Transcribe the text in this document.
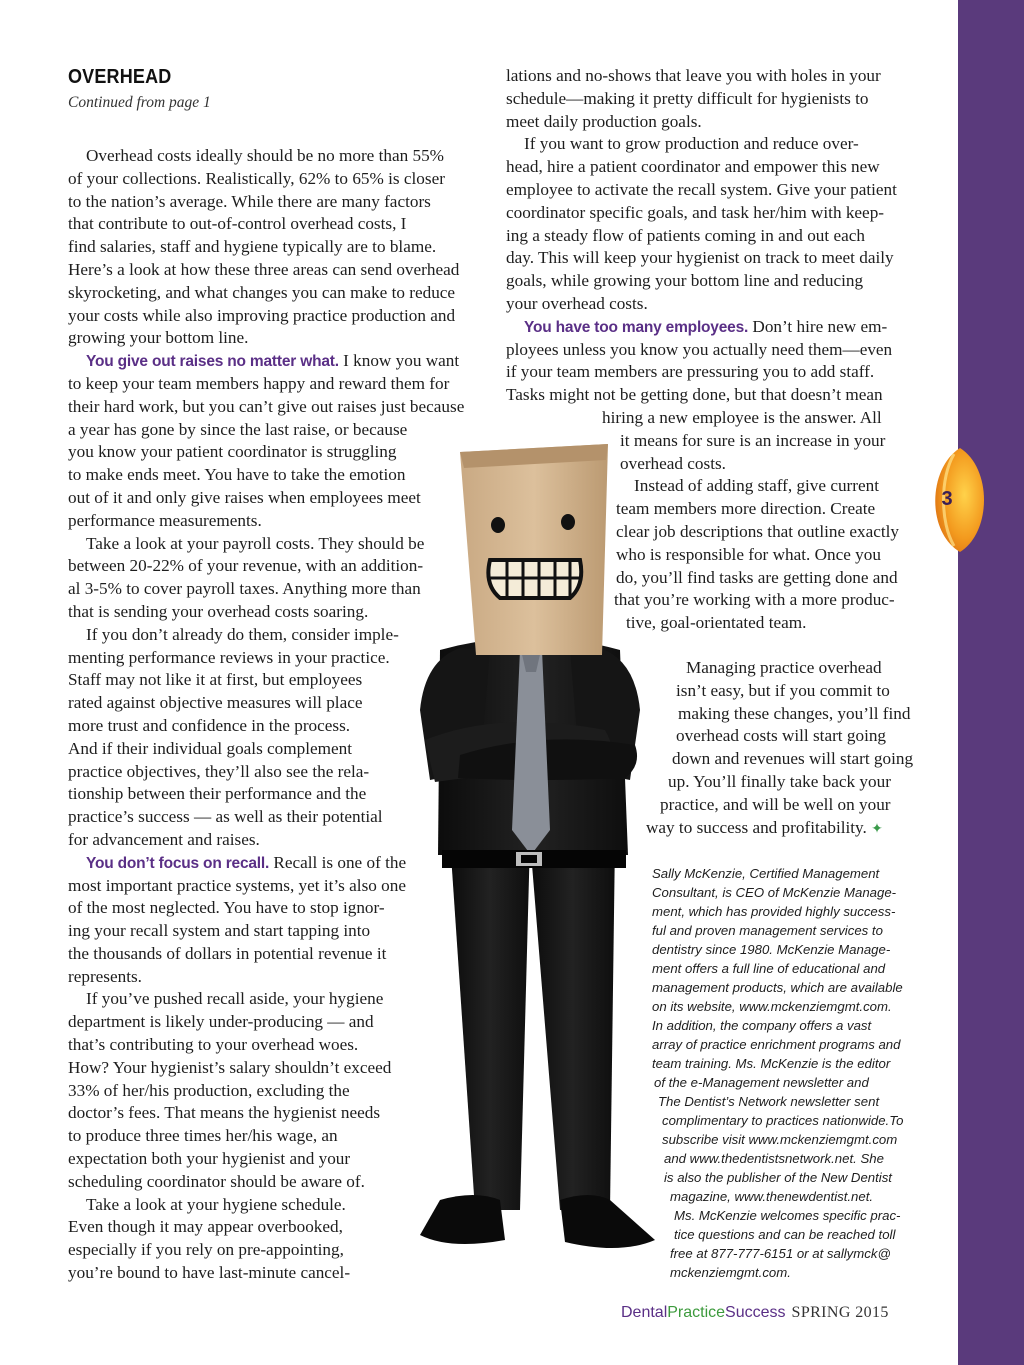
3
OVERHEAD
Continued from page 1
Overhead costs ideally should be no more than 55%
of your collections. Realistically, 62% to 65% is closer
to the nation’s average. While there are many factors
that contribute to out-of-control overhead costs, I
find salaries, staff and hygiene typically are to blame.
Here’s a look at how these three areas can send overhead
skyrocketing, and what changes you can make to reduce
your costs while also improving practice production and
growing your bottom line.
You give out raises no matter what. I know you want
to keep your team members happy and reward them for
their hard work, but you can’t give out raises just because
a year has gone by since the last raise, or because
you know your patient coordinator is struggling
to make ends meet. You have to take the emotion
out of it and only give raises when employees meet
performance measurements.
Take a look at your payroll costs. They should be
between 20-22% of your revenue, with an addition-
al 3-5% to cover payroll taxes. Anything more than
that is sending your overhead costs soaring.
If you don’t already do them, consider imple-
menting performance reviews in your practice.
Staff may not like it at first, but employees
rated against objective measures will place
more trust and confidence in the process.
And if their individual goals complement
practice objectives, they’ll also see the rela-
tionship between their performance and the
practice’s success — as well as their potential
for advancement and raises.
You don’t focus on recall. Recall is one of the
most important practice systems, yet it’s also one
of the most neglected. You have to stop ignor-
ing your recall system and start tapping into
the thousands of dollars in potential revenue it
represents.
If you’ve pushed recall aside, your hygiene
department is likely under-producing — and
that’s contributing to your overhead woes.
How? Your hygienist’s salary shouldn’t exceed
33% of her/his production, excluding the
doctor’s fees. That means the hygienist needs
to produce three times her/his wage, an
expectation both your hygienist and your
scheduling coordinator should be aware of.
Take a look at your hygiene schedule.
Even though it may appear overbooked,
especially if you rely on pre-appointing,
you’re bound to have last-minute cancel-
lations and no-shows that leave you with holes in your
schedule—making it pretty difficult for hygienists to
meet daily production goals.
If you want to grow production and reduce over-
head, hire a patient coordinator and empower this new
employee to activate the recall system. Give your patient
coordinator specific goals, and task her/him with keep-
ing a steady flow of patients coming in and out each
day. This will keep your hygienist on track to meet daily
goals, while growing your bottom line and reducing
your overhead costs.
You have too many employees. Don’t hire new em-
ployees unless you know you actually need them—even
if your team members are pressuring you to add staff.
Tasks might not be getting done, but that doesn’t mean
hiring a new employee is the answer. All
it means for sure is an increase in your
overhead costs.
Instead of adding staff, give current
team members more direction. Create
clear job descriptions that outline exactly
who is responsible for what. Once you
do, you’ll find tasks are getting done and
that you’re working with a more produc-
tive, goal-orientated team.
Managing practice overhead
isn’t easy, but if you commit to
making these changes, you’ll find
overhead costs will start going
down and revenues will start going
up. You’ll finally take back your
practice, and will be well on your
way to success and profitability. ✦
Sally McKenzie, Certified Management
Consultant, is CEO of McKenzie Manage-
ment, which has provided highly success-
ful and proven management services to
dentistry since 1980. McKenzie Manage-
ment offers a full line of educational and
management products, which are available
on its website, www.mckenziemgmt.com.
In addition, the company offers a vast
array of practice enrichment programs and
team training. Ms. McKenzie is the editor
of the e-Management newsletter and
The Dentist’s Network newsletter sent
complimentary to practices nationwide.To
subscribe visit www.mckenziemgmt.com
and www.thedentistsnetwork.net. She
is also the publisher of the New Dentist
magazine, www.thenewdentist.net.
Ms. McKenzie welcomes specific prac-
tice questions and can be reached toll
free at 877-777-6151 or at sallymck@
mckenziemgmt.com.
DentalPracticeSuccess SPRING 2015
